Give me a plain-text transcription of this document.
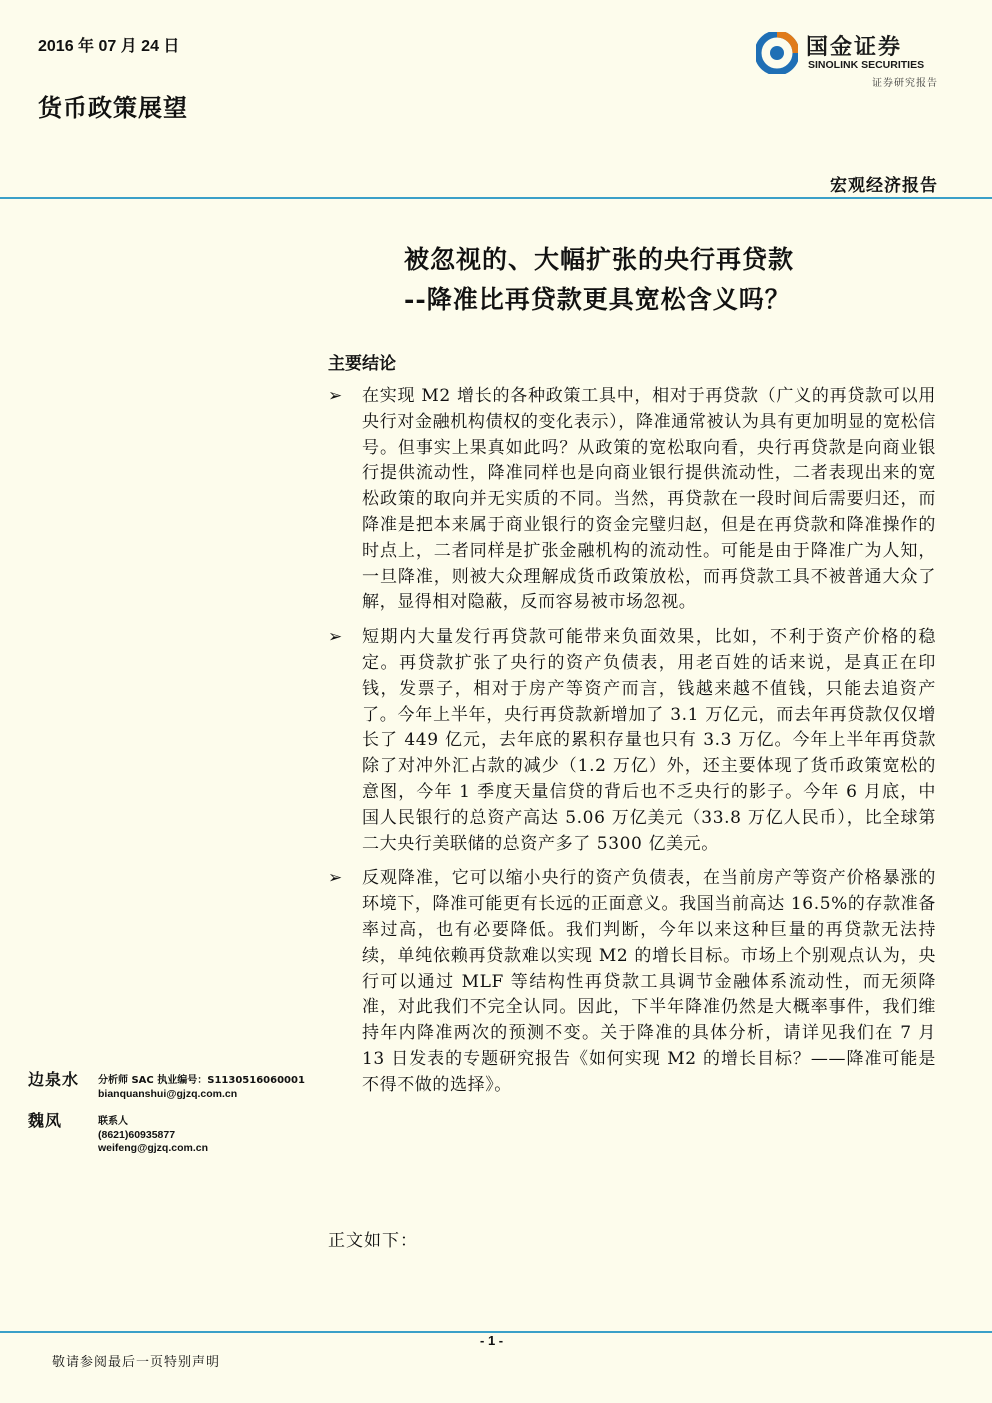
2016 年 07 月 24 日
货币政策展望
国金证券
SINOLINK SECURITIES
证券研究报告
宏观经济报告
被忽视的、大幅扩张的央行再贷款
--降准比再贷款更具宽松含义吗？
主要结论
➢	在实现 M2 增长的各种政策工具中，相对于再贷款（广义的再贷款可以用央行对金融机构债权的变化表示），降准通常被认为具有更加明显的宽松信号。但事实上果真如此吗？从政策的宽松取向看，央行再贷款是向商业银行提供流动性，降准同样也是向商业银行提供流动性，二者表现出来的宽松政策的取向并无实质的不同。当然，再贷款在一段时间后需要归还，而降准是把本来属于商业银行的资金完璧归赵，但是在再贷款和降准操作的时点上，二者同样是扩张金融机构的流动性。可能是由于降准广为人知，一旦降准，则被大众理解成货币政策放松，而再贷款工具不被普通大众了解，显得相对隐蔽，反而容易被市场忽视。
➢	短期内大量发行再贷款可能带来负面效果，比如，不利于资产价格的稳定。再贷款扩张了央行的资产负债表，用老百姓的话来说，是真正在印钱，发票子，相对于房产等资产而言，钱越来越不值钱，只能去追资产了。今年上半年，央行再贷款新增加了 3.1 万亿元，而去年再贷款仅仅增长了 449 亿元，去年底的累积存量也只有 3.3 万亿。今年上半年再贷款除了对冲外汇占款的减少（1.2 万亿）外，还主要体现了货币政策宽松的意图，今年 1 季度天量信贷的背后也不乏央行的影子。今年 6 月底，中国人民银行的总资产高达 5.06 万亿美元（33.8 万亿人民币），比全球第二大央行美联储的总资产多了 5300 亿美元。
➢	反观降准，它可以缩小央行的资产负债表，在当前房产等资产价格暴涨的环境下，降准可能更有长远的正面意义。我国当前高达 16.5%的存款准备率过高，也有必要降低。我们判断，今年以来这种巨量的再贷款无法持续，单纯依赖再贷款难以实现 M2 的增长目标。市场上个别观点认为，央行可以通过 MLF 等结构性再贷款工具调节金融体系流动性，而无须降准，对此我们不完全认同。因此，下半年降准仍然是大概率事件，我们维持年内降准两次的预测不变。关于降准的具体分析，请详见我们在 7 月 13 日发表的专题研究报告《如何实现 M2 的增长目标？——降准可能是不得不做的选择》。
边泉水	分析师 SAC 执业编号：S1130516060001
bianquanshui@gjzq.com.cn
魏凤	联系人
(8621)60935877
weifeng@gjzq.com.cn
正文如下：
- 1 -
敬请参阅最后一页特别声明
